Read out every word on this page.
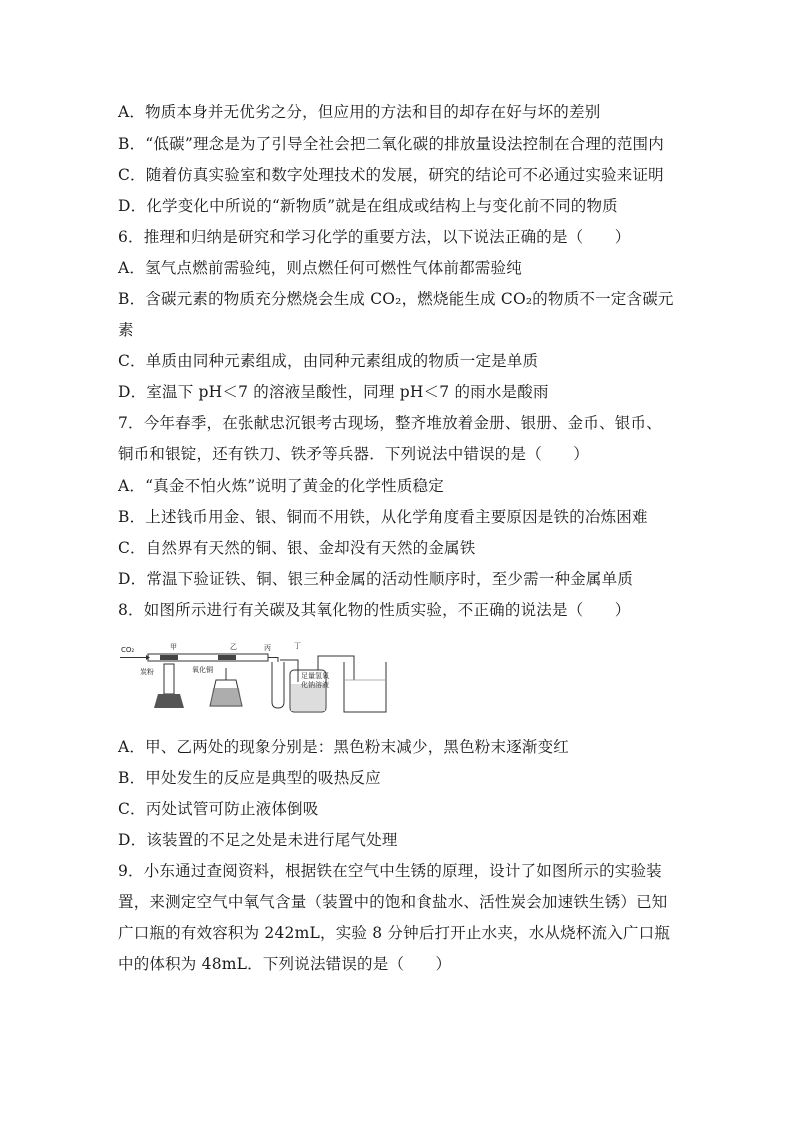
A．物质本身并无优劣之分，但应用的方法和目的却存在好与坏的差别
B．“低碳”理念是为了引导全社会把二氧化碳的排放量设法控制在合理的范围内
C．随着仿真实验室和数字处理技术的发展，研究的结论可不必通过实验来证明
D．化学变化中所说的“新物质”就是在组成或结构上与变化前不同的物质
6．推理和归纳是研究和学习化学的重要方法，以下说法正确的是（　　）
A．氢气点燃前需验纯，则点燃任何可燃性气体前都需验纯
B．含碳元素的物质充分燃烧会生成 CO₂，燃烧能生成 CO₂的物质不一定含碳元
素
C．单质由同种元素组成，由同种元素组成的物质一定是单质
D．室温下 pH＜7 的溶液呈酸性，同理 pH＜7 的雨水是酸雨
7．今年春季，在张献忠沉银考古现场，整齐堆放着金册、银册、金币、银币、
铜币和银锭，还有铁刀、铁矛等兵器．下列说法中错误的是（　　）
A．“真金不怕火炼”说明了黄金的化学性质稳定
B．上述钱币用金、银、铜而不用铁，从化学角度看主要原因是铁的冶炼困难
C．自然界有天然的铜、银、金却没有天然的金属铁
D．常温下验证铁、铜、银三种金属的活动性顺序时，至少需一种金属单质
8．如图所示进行有关碳及其氧化物的性质实验，不正确的说法是（　　）
CO₂	甲
炭粉
乙
氧化铜
丙	丁
足量氢氧
化钠溶液
A．甲、乙两处的现象分别是：黑色粉末减少，黑色粉末逐渐变红
B．甲处发生的反应是典型的吸热反应
C．丙处试管可防止液体倒吸
D．该装置的不足之处是未进行尾气处理
9．小东通过查阅资料，根据铁在空气中生锈的原理，设计了如图所示的实验装
置，来测定空气中氧气含量（装置中的饱和食盐水、活性炭会加速铁生锈）已知
广口瓶的有效容积为 242mL，实验 8 分钟后打开止水夹，水从烧杯流入广口瓶
中的体积为 48mL．下列说法错误的是（　　）
